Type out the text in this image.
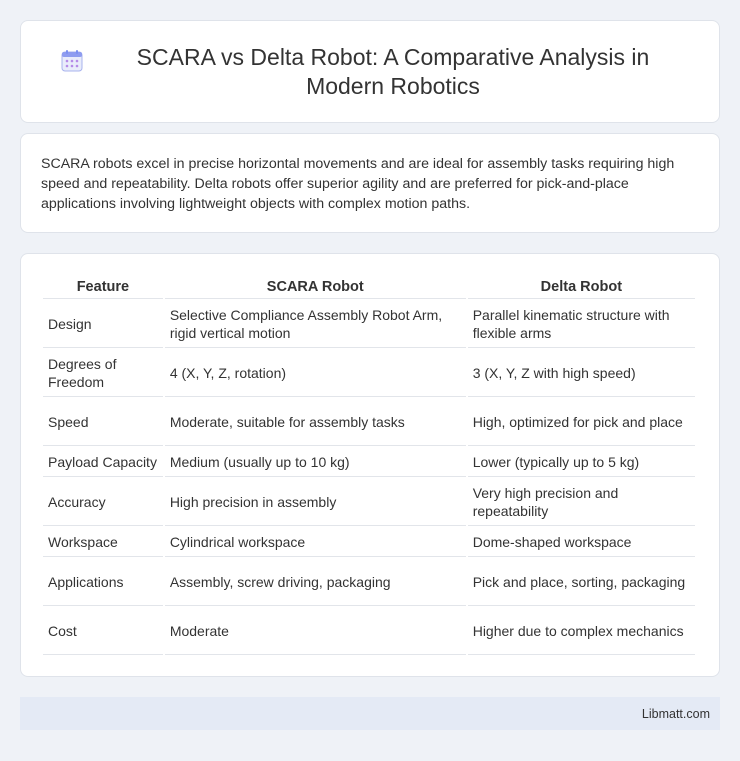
SCARA vs Delta Robot: A Comparative Analysis in Modern Robotics

SCARA robots excel in precise horizontal movements and are ideal for assembly tasks requiring high speed and repeatability. Delta robots offer superior agility and are preferred for pick-and-place applications involving lightweight objects with complex motion paths.

Feature	SCARA Robot	Delta Robot
Design	Selective Compliance Assembly Robot Arm, rigid vertical motion	Parallel kinematic structure with flexible arms
Degrees of Freedom	4 (X, Y, Z, rotation)	3 (X, Y, Z with high speed)
Speed	Moderate, suitable for assembly tasks	High, optimized for pick and place
Payload Capacity	Medium (usually up to 10 kg)	Lower (typically up to 5 kg)
Accuracy	High precision in assembly	Very high precision and repeatability
Workspace	Cylindrical workspace	Dome-shaped workspace
Applications	Assembly, screw driving, packaging	Pick and place, sorting, packaging
Cost	Moderate	Higher due to complex mechanics
Libmatt.com
